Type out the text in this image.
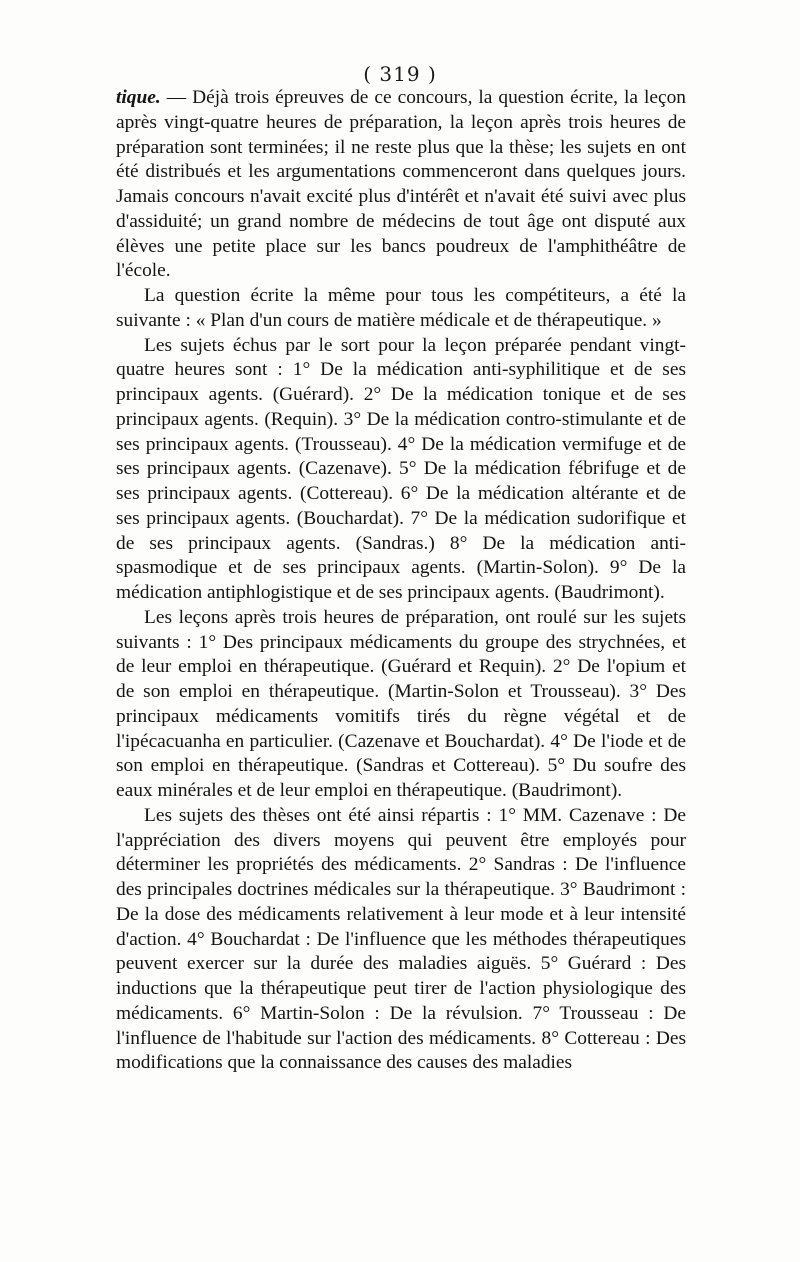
( 319 )

tique. — Déjà trois épreuves de ce concours, la question écrite, la leçon après vingt-quatre heures de préparation, la leçon après trois heures de préparation sont terminées; il ne reste plus que la thèse; les sujets en ont été distribués et les argumentations commenceront dans quelques jours. Jamais concours n'avait excité plus d'intérêt et n'avait été suivi avec plus d'assiduité; un grand nombre de médecins de tout âge ont disputé aux élèves une petite place sur les bancs poudreux de l'amphithéâtre de l'école.

La question écrite la même pour tous les compétiteurs, a été la suivante : « Plan d'un cours de matière médicale et de thérapeutique. »

Les sujets échus par le sort pour la leçon préparée pendant vingt-quatre heures sont : 1° De la médication anti-syphilitique et de ses principaux agents. (Guérard). 2° De la médication tonique et de ses principaux agents. (Requin). 3° De la médication contro-stimulante et de ses principaux agents. (Trousseau). 4° De la médication vermifuge et de ses principaux agents. (Cazenave). 5° De la médication fébrifuge et de ses principaux agents. (Cottereau). 6° De la médication altérante et de ses principaux agents. (Bouchardat). 7° De la médication sudorifique et de ses principaux agents. (Sandras.) 8° De la médication anti-spasmodique et de ses principaux agents. (Martin-Solon). 9° De la médication antiphlogistique et de ses principaux agents. (Baudrimont).

Les leçons après trois heures de préparation, ont roulé sur les sujets suivants : 1° Des principaux médicaments du groupe des strychnées, et de leur emploi en thérapeutique. (Guérard et Requin). 2° De l'opium et de son emploi en thérapeutique. (Martin-Solon et Trousseau). 3° Des principaux médicaments vomitifs tirés du règne végétal et de l'ipécacuanha en particulier. (Cazenave et Bouchardat). 4° De l'iode et de son emploi en thérapeutique. (Sandras et Cottereau). 5° Du soufre des eaux minérales et de leur emploi en thérapeutique. (Baudrimont).

Les sujets des thèses ont été ainsi répartis : 1° MM. Cazenave : De l'appréciation des divers moyens qui peuvent être employés pour déterminer les propriétés des médicaments. 2° Sandras : De l'influence des principales doctrines médicales sur la thérapeutique. 3° Baudrimont : De la dose des médicaments relativement à leur mode et à leur intensité d'action. 4° Bouchardat : De l'influence que les méthodes thérapeutiques peuvent exercer sur la durée des maladies aiguës. 5° Guérard : Des inductions que la thérapeutique peut tirer de l'action physiologique des médicaments. 6° Martin-Solon : De la révulsion. 7° Trousseau : De l'influence de l'habitude sur l'action des médicaments. 8° Cottereau : Des modifications que la connaissance des causes des maladies
